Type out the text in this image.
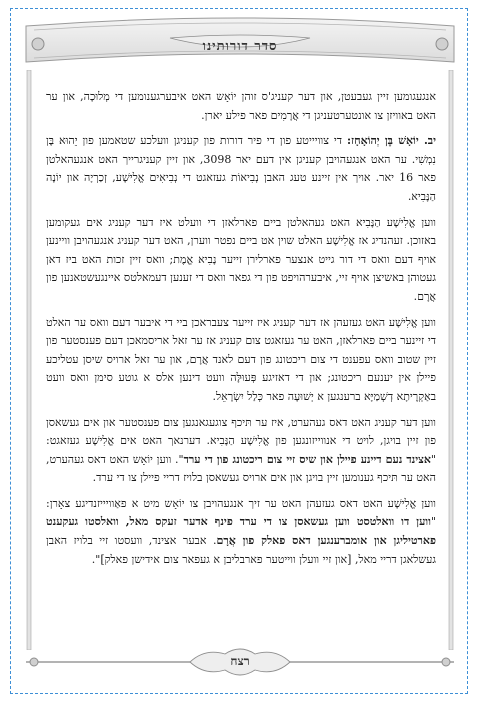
סדר דורותינו

אנגעגומען זיין געבעטן, און דער קעניג'ס זוהן יוֹאָש האט איבערגענומען די מְלוּכָה, און ער האט באוויזן צו אונטערטעניגן די אֲרָמִים פאר פילע יארן.

יב. יוֹאָשׁ בֶּן יְהוֹאָחָז: די צוויייטע פון די פיר דורות פון קעניגן וועלכע שטאמען פון יֵהוּא בֶּן נִמְשִׁי. ער האט אנגעהויבן קעניגן אין דעם יאר 3098, און זיין קעניגרייך האט אנגעהאלטן פאר 16 יאר. אויך אין זיינע טעג האבן נְבִיאוֹת געזאגט די נְבִיאִים אֱלִישָׁע, זְכַרְיָה און יוֹנָה הַנָּבִיא.

ווען אֱלִישָׁע הַנָּבִיא האט געהאלטן ביים פארלאזן די וועלט איז דער קעניג אים געקומען באזוכן. זעהנדיג אז אֱלִישָׁע האלט שוין אט ביים נפטר ווערן, האט דער קעניג אנגעהויבן וויינען אויף דעם וואס די דור גייט אנצער פארלירן זייער נָבִיא אֱמֶת; וואס זיין זכות האט ביז דאן געטוהן באשיצן אויף זיי, איבערהויפט פון די גפאר וואס די זענען דעמאלטס איינגעשטאנען פון אֲרָם.

ווען אֱלִישָׁע האט געזעהן אז דער קעניג איז זייער צעבראכן ביי די איבער דעם וואס ער האלט די זיינער ביים פארלאזן, האט ער געזאגט צום קעניג אז ער זאל אריסמאכן דעם פענסטער פון זיין שטוב וואס עפענט די צום ריכטונג פון דעם לאנד אֲרָם, און ער זאל ארויס שיסן עטליכע פיילן אין יענעם ריכטונג; און די דאזיגע פְּעוּלָּה וועט דינען אלס א גוטע סימן וואס וועט באַקְרֶיתָא דְשְׁמַיָּא ברענגען א יְשׁוּעָה פאר כְּלַל יִשְׂרָאֵל.

ווען דער קעניג האט דאס געהערט, איז ער תּיכף צוגעגאנגען צום פענסטער און אים געשאסן פון זיין בויגן, לויט די אנווייזונגען פון אֱלִישָׁע הַנָּבִיא. דערנאך האט אים אֱלִישָׁע געזאגט: "אצינד נעם דיינע פיילן און שיס זיי צום ריכטונג פון די ערד". ווען יוֹאָש האט דאס געהערט, האט ער תּיכף גענומען זיין בויגן און אים ארויס געשאסן בלויז דריי פיילן צו די ערד.

ווען אֱלִישָׁע האט דאס געזעהן האט ער זיך אנגעהויבן צו יוֹאָש מיט א פאַוויייזנדיגע צאָרן: "ווען דו וואלטסט ווען געשאסן צו די ערד פינף אדער זעקס מאל, וואלסטו געקענט פארטיליגן און אומברענגען דאס פאלק פון אֲרָם. אבער אצינד, וועסטו זיי בלויז האבן געשלאגן דריי מאל, [און זיי וועלן ווייטער פארבליבן א געפאר צום אידישן פאלק]".

רצח
